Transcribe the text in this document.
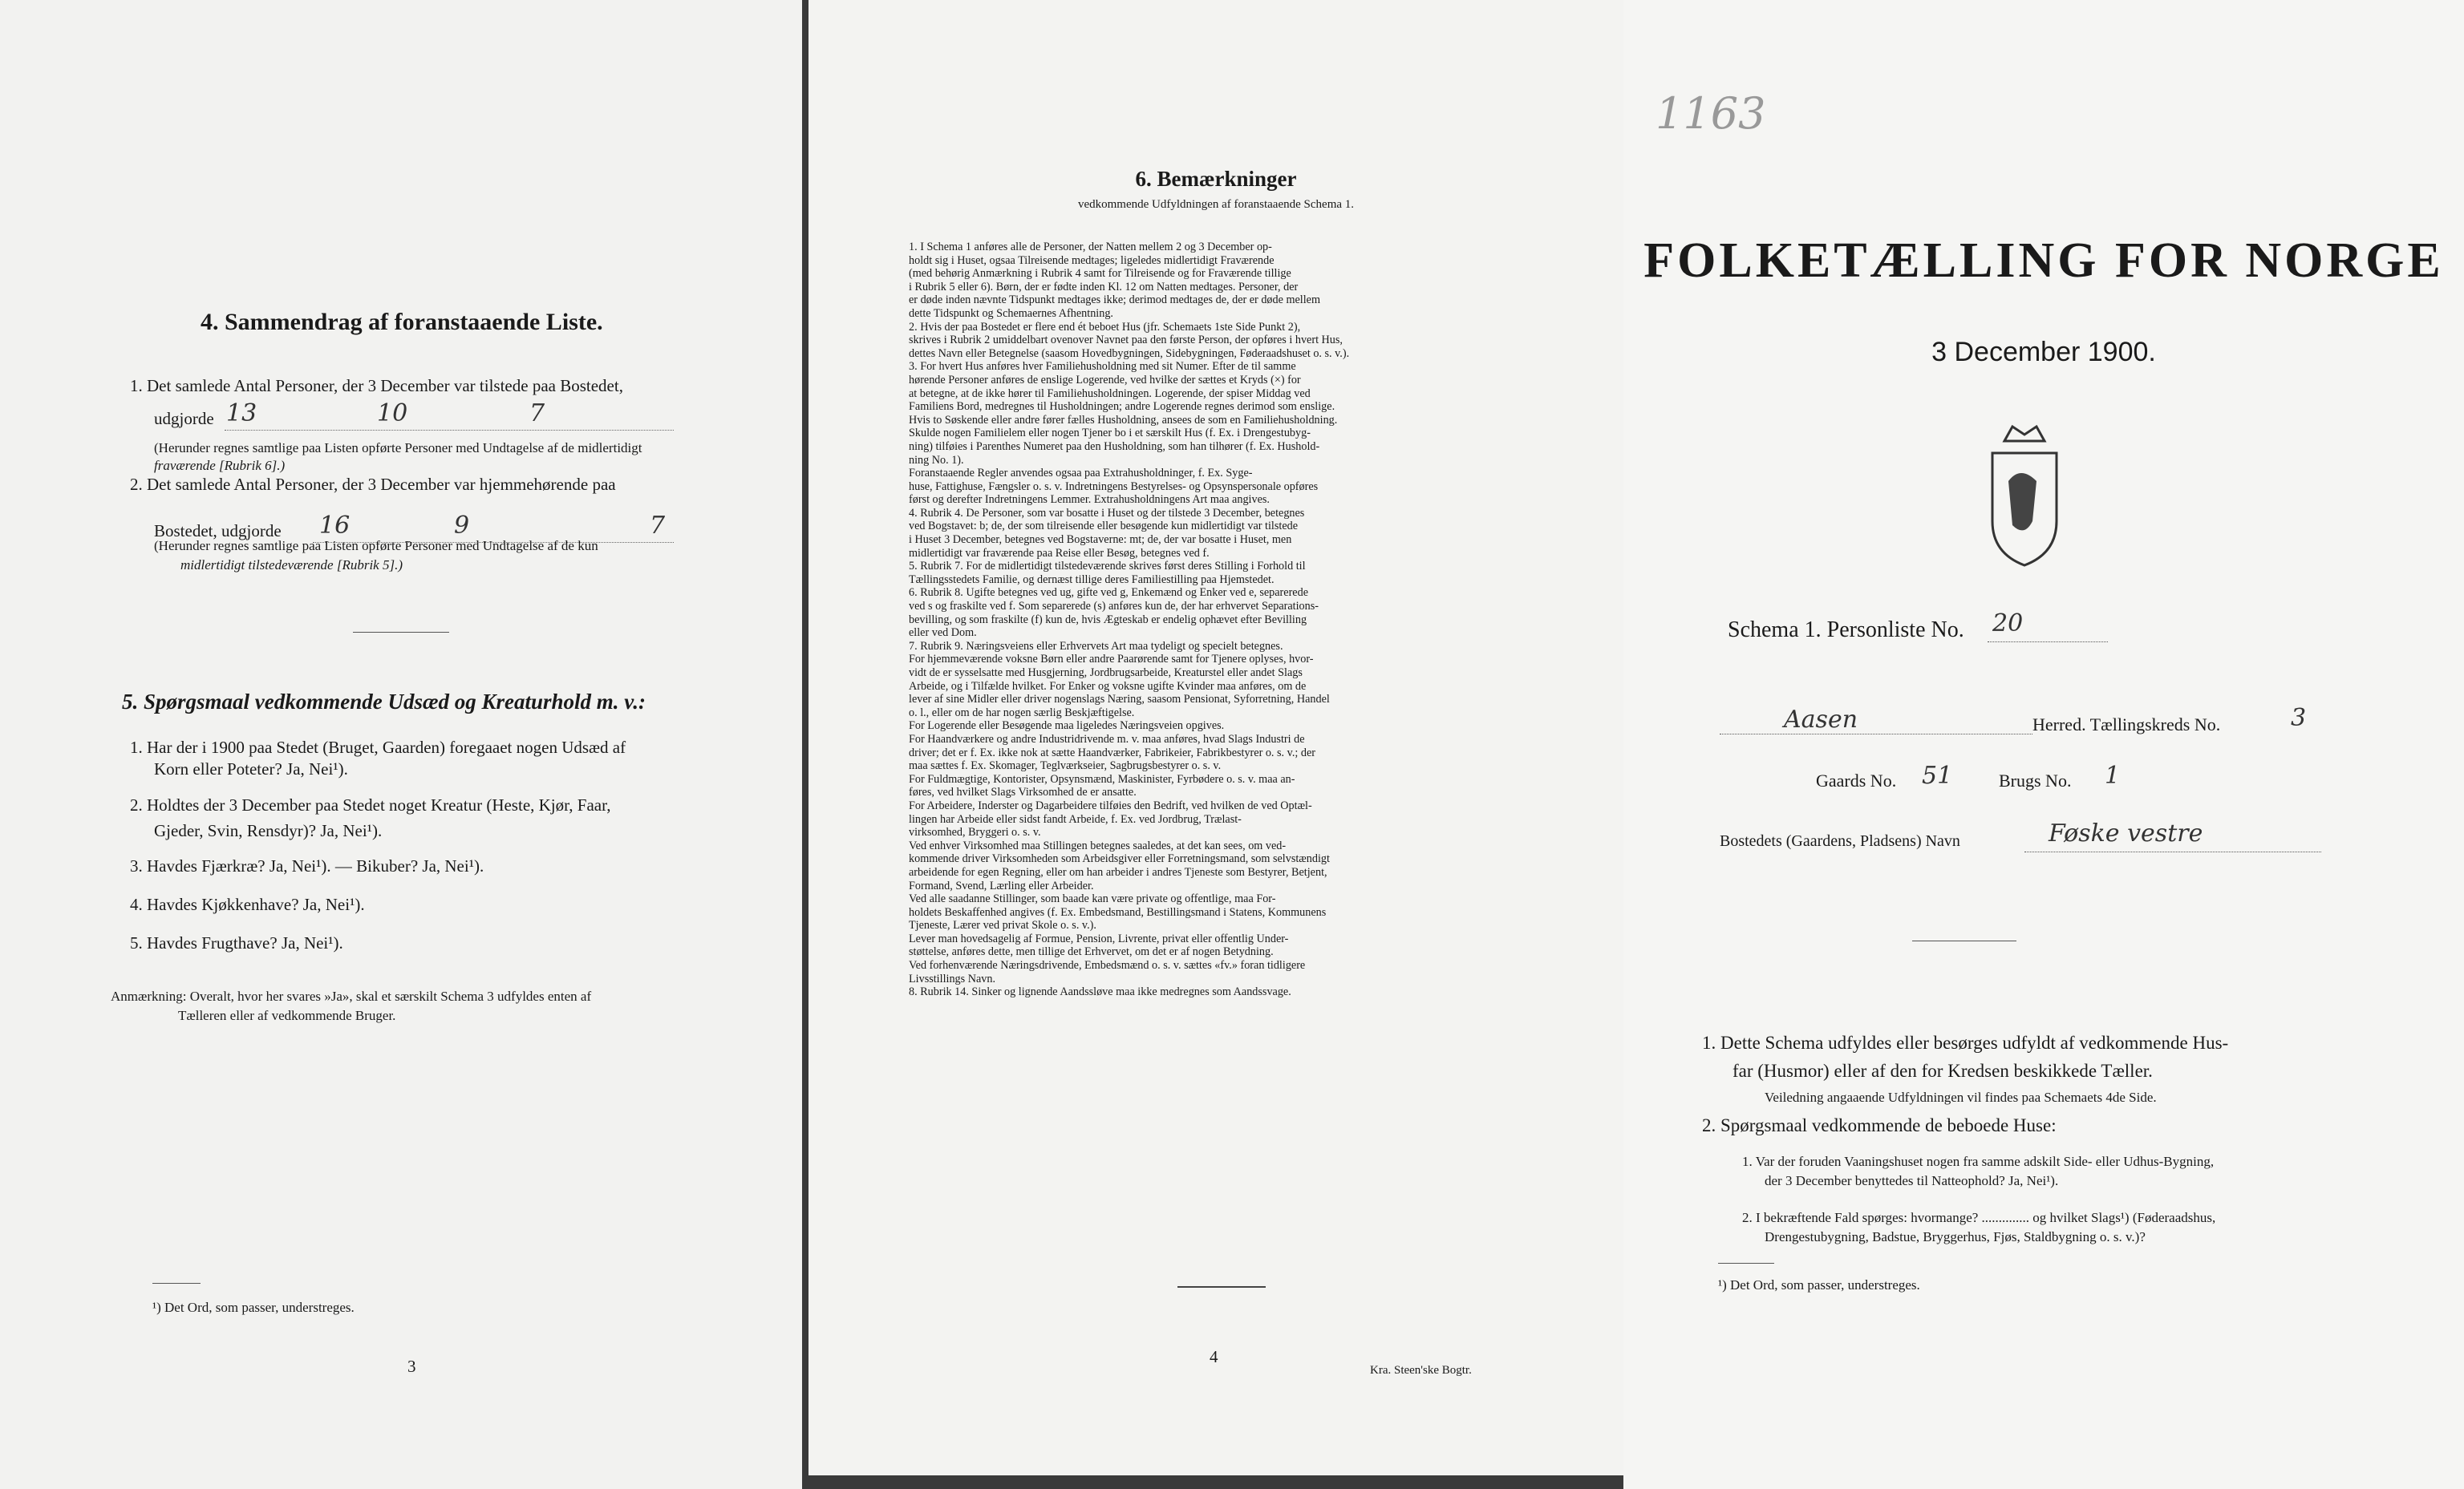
4. Sammendrag af foranstaaende Liste.
1. Det samlede Antal Personer, der 3 December var tilstede paa Bostedet,
udgjorde 13	10	7
(Herunder regnes samtlige paa Listen opførte Personer med Undtagelse af de midlertidigt
fraværende [Rubrik 6].)
2. Det samlede Antal Personer, der 3 December var hjemmehørende paa
Bostedet, udgjorde 16	9	7
(Herunder regnes samtlige paa Listen opførte Personer med Undtagelse af de kun
midlertidigt tilstedeværende [Rubrik 5].)
5. Spørgsmaal vedkommende Udsæd og Kreaturhold m. v.:
1. Har der i 1900 paa Stedet (Bruget, Gaarden) foregaaet nogen Udsæd af
Korn eller Poteter? Ja, Nei¹).
2. Holdtes der 3 December paa Stedet noget Kreatur (Heste, Kjør, Faar,
Gjeder, Svin, Rensdyr)? Ja, Nei¹).
3. Havdes Fjærkræ? Ja, Nei¹). — Bikuber? Ja, Nei¹).
4. Havdes Kjøkkenhave? Ja, Nei¹).
5. Havdes Frugthave? Ja, Nei¹).
Anmærkning: Overalt, hvor her svares »Ja», skal et særskilt Schema 3 udfyldes enten af
Tælleren eller af vedkommende Bruger.
¹) Det Ord, som passer, understreges.
3
6. Bemærkninger
vedkommende Udfyldningen af foranstaaende Schema 1.
1. I Schema 1 anføres alle de Personer, der Natten mellem 2 og 3 December op-
holdt sig i Huset, ogsaa Tilreisende medtages; ligeledes midlertidigt Fraværende
(med behørig Anmærkning i Rubrik 4 samt for Tilreisende og for Fraværende tillige
i Rubrik 5 eller 6). Børn, der er fødte inden Kl. 12 om Natten medtages. Personer, der
er døde inden nævnte Tidspunkt medtages ikke; derimod medtages de, der er døde mellem
dette Tidspunkt og Schemaernes Afhentning.
2. Hvis der paa Bostedet er flere end ét beboet Hus (jfr. Schemaets 1ste Side Punkt 2),
skrives i Rubrik 2 umiddelbart ovenover Navnet paa den første Person, der opføres i hvert Hus,
dettes Navn eller Betegnelse (saasom Hovedbygningen, Sidebygningen, Føderaadshuset o. s. v.).
3. For hvert Hus anføres hver Familiehusholdning med sit Numer. Efter de til samme
hørende Personer anføres de enslige Logerende, ved hvilke der sættes et Kryds (×) for
at betegne, at de ikke hører til Familiehusholdningen. Logerende, der spiser Middag ved
Familiens Bord, medregnes til Husholdningen; andre Logerende regnes derimod som enslige.
Hvis to Søskende eller andre fører fælles Husholdning, ansees de som en Familiehusholdning.
Skulde nogen Familielem eller nogen Tjener bo i et særskilt Hus (f. Ex. i Drengestubyg-
ning) tilføies i Parenthes Numeret paa den Husholdning, som han tilhører (f. Ex. Hushold-
ning No. 1).
Foranstaaende Regler anvendes ogsaa paa Extrahusholdninger, f. Ex. Syge-
huse, Fattighuse, Fængsler o. s. v. Indretningens Bestyrelses- og Opsynspersonale opføres
først og derefter Indretningens Lemmer. Extrahusholdningens Art maa angives.
4. Rubrik 4. De Personer, som var bosatte i Huset og der tilstede 3 December, betegnes
ved Bogstavet: b; de, der som tilreisende eller besøgende kun midlertidigt var tilstede
i Huset 3 December, betegnes ved Bogstaverne: mt; de, der var bosatte i Huset, men
midlertidigt var fraværende paa Reise eller Besøg, betegnes ved f.
5. Rubrik 7. For de midlertidigt tilstedeværende skrives først deres Stilling i Forhold til
Tællingsstedets Familie, og dernæst tillige deres Familiestilling paa Hjemstedet.
6. Rubrik 8. Ugifte betegnes ved ug, gifte ved g, Enkemænd og Enker ved e, separerede
ved s og fraskilte ved f. Som separerede (s) anføres kun de, der har erhvervet Separations-
bevilling, og som fraskilte (f) kun de, hvis Ægteskab er endelig ophævet efter Bevilling
eller ved Dom.
7. Rubrik 9. Næringsveiens eller Erhvervets Art maa tydeligt og specielt betegnes.
For hjemmeværende voksne Børn eller andre Paarørende samt for Tjenere oplyses, hvor-
vidt de er sysselsatte med Husgjerning, Jordbrugsarbeide, Kreaturstel eller andet Slags
Arbeide, og i Tilfælde hvilket. For Enker og voksne ugifte Kvinder maa anføres, om de
lever af sine Midler eller driver nogenslags Næring, saasom Pensionat, Syforretning, Handel
o. l., eller om de har nogen særlig Beskjæftigelse.
For Logerende eller Besøgende maa ligeledes Næringsveien opgives.
For Haandværkere og andre Industridrivende m. v. maa anføres, hvad Slags Industri de
driver; det er f. Ex. ikke nok at sætte Haandværker, Fabrikeier, Fabrikbestyrer o. s. v.; der
maa sættes f. Ex. Skomager, Teglværkseier, Sagbrugsbestyrer o. s. v.
For Fuldmægtige, Kontorister, Opsynsmænd, Maskinister, Fyrbødere o. s. v. maa an-
føres, ved hvilket Slags Virksomhed de er ansatte.
For Arbeidere, Inderster og Dagarbeidere tilføies den Bedrift, ved hvilken de ved Optæl-
lingen har Arbeide eller sidst fandt Arbeide, f. Ex. ved Jordbrug, Trælast-
virksomhed, Bryggeri o. s. v.
Ved enhver Virksomhed maa Stillingen betegnes saaledes, at det kan sees, om ved-
kommende driver Virksomheden som Arbeidsgiver eller Forretningsmand, som selvstændigt
arbeidende for egen Regning, eller om han arbeider i andres Tjeneste som Bestyrer, Betjent,
Formand, Svend, Lærling eller Arbeider.
Ved alle saadanne Stillinger, som baade kan være private og offentlige, maa For-
holdets Beskaffenhed angives (f. Ex. Embedsmand, Bestillingsmand i Statens, Kommunens
Tjeneste, Lærer ved privat Skole o. s. v.).
Lever man hovedsagelig af Formue, Pension, Livrente, privat eller offentlig Under-
støttelse, anføres dette, men tillige det Erhvervet, om det er af nogen Betydning.
Ved forhenværende Næringsdrivende, Embedsmænd o. s. v. sættes «fv.» foran tidligere
Livsstillings Navn.
8. Rubrik 14. Sinker og lignende Aandssløve maa ikke medregnes som Aandssvage.
4
Kra. Steen'ske Bogtr.
1163
FOLKETÆLLING FOR NORGE
3 December 1900.
Schema 1. Personliste No. 20
Aasen	Herred. Tællingskreds No.	3
Gaards No. 51	Brugs No. 1
Bostedets (Gaardens, Pladsens) Navn	Føske vestre
1. Dette Schema udfyldes eller besørges udfyldt af vedkommende Hus-
far (Husmor) eller af den for Kredsen beskikkede Tæller.
Veiledning angaaende Udfyldningen vil findes paa Schemaets 4de Side.
2. Spørgsmaal vedkommende de beboede Huse:
1. Var der foruden Vaaningshuset nogen fra samme adskilt Side- eller Udhus-Bygning,
der 3 December benyttedes til Natteophold? Ja, Nei¹).
2. I bekræftende Fald spørges: hvormange? .............. og hvilket Slags¹) (Føderaadshus,
Drengestubygning, Badstue, Bryggerhus, Fjøs, Staldbygning o. s. v.)?
¹) Det Ord, som passer, understreges.
